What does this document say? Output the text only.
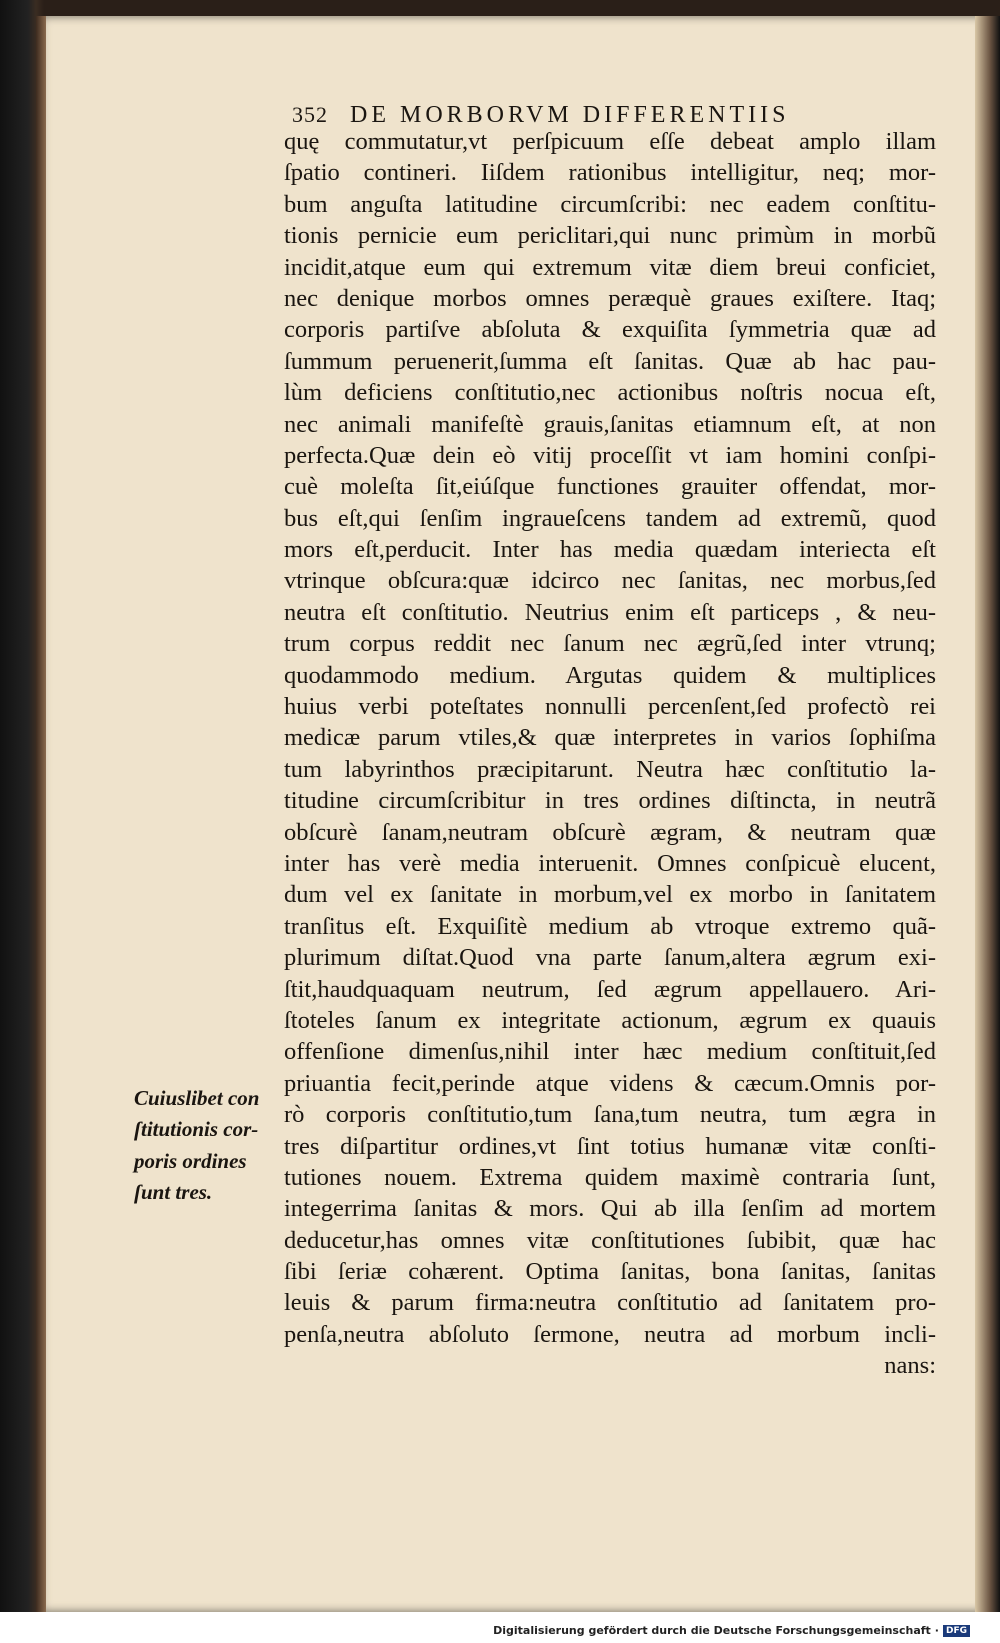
352 DE MORBORVM DIFFERENTIIS
quę commutatur,vt perſpicuum eſſe debeat amplo illam
ſpatio contineri. Iiſdem rationibus intelligitur, neq; mor-
bum anguſta latitudine circumſcribi: nec eadem conſtitu-
tionis pernicie eum periclitari,qui nunc primùm in morbũ
incidit,atque eum qui extremum vitæ diem breui conficiet,
nec denique morbos omnes peræquè graues exiſtere. Itaq;
corporis partiſve abſoluta & exquiſita ſymmetria quæ ad
ſummum peruenerit,ſumma eſt ſanitas. Quæ ab hac pau-
lùm deficiens conſtitutio,nec actionibus noſtris nocua eſt,
nec animali manifeſtè grauis,ſanitas etiamnum eſt, at non
perfecta.Quæ dein eò vitij proceſſit vt iam homini conſpi-
cuè moleſta ſit,eiúſque functiones grauiter offendat, mor-
bus eſt,qui ſenſim ingraueſcens tandem ad extremũ, quod
mors eſt,perducit. Inter has media quædam interiecta eſt
vtrinque obſcura:quæ idcirco nec ſanitas, nec morbus,ſed
neutra eſt conſtitutio. Neutrius enim eſt particeps , & neu-
trum corpus reddit nec ſanum nec ægrũ,ſed inter vtrunq;
quodammodo medium. Argutas quidem & multiplices
huius verbi poteſtates nonnulli percenſent,ſed profectò rei
medicæ parum vtiles,& quæ interpretes in varios ſophiſma
tum labyrinthos præcipitarunt. Neutra hæc conſtitutio la-
titudine circumſcribitur in tres ordines diſtincta, in neutrã
obſcurè ſanam,neutram obſcurè ægram, & neutram quæ
inter has verè media interuenit. Omnes conſpicuè elucent,
dum vel ex ſanitate in morbum,vel ex morbo in ſanitatem
tranſitus eſt. Exquiſitè medium ab vtroque extremo quã-
plurimum diſtat.Quod vna parte ſanum,altera ægrum exi-
ſtit,haudquaquam neutrum, ſed ægrum appellauero. Ari-
ſtoteles ſanum ex integritate actionum, ægrum ex quauis
offenſione dimenſus,nihil inter hæc medium conſtituit,ſed
priuantia fecit,perinde atque videns & cæcum.Omnis por-
rò corporis conſtitutio,tum ſana,tum neutra, tum ægra in
tres diſpartitur ordines,vt ſint totius humanæ vitæ conſti-
tutiones nouem. Extrema quidem maximè contraria ſunt,
integerrima ſanitas & mors. Qui ab illa ſenſim ad mortem
deducetur,has omnes vitæ conſtitutiones ſubibit, quæ hac
ſibi ſeriæ cohærent. Optima ſanitas, bona ſanitas, ſanitas
leuis & parum firma:neutra conſtitutio ad ſanitatem pro-
penſa,neutra abſoluto ſermone, neutra ad morbum incli-
nans:
Cuiuslibet con
ſtitutionis cor-
poris ordines
ſunt tres.
Digitalisierung gefördert durch die Deutsche Forschungsgemeinschaft · DFG
